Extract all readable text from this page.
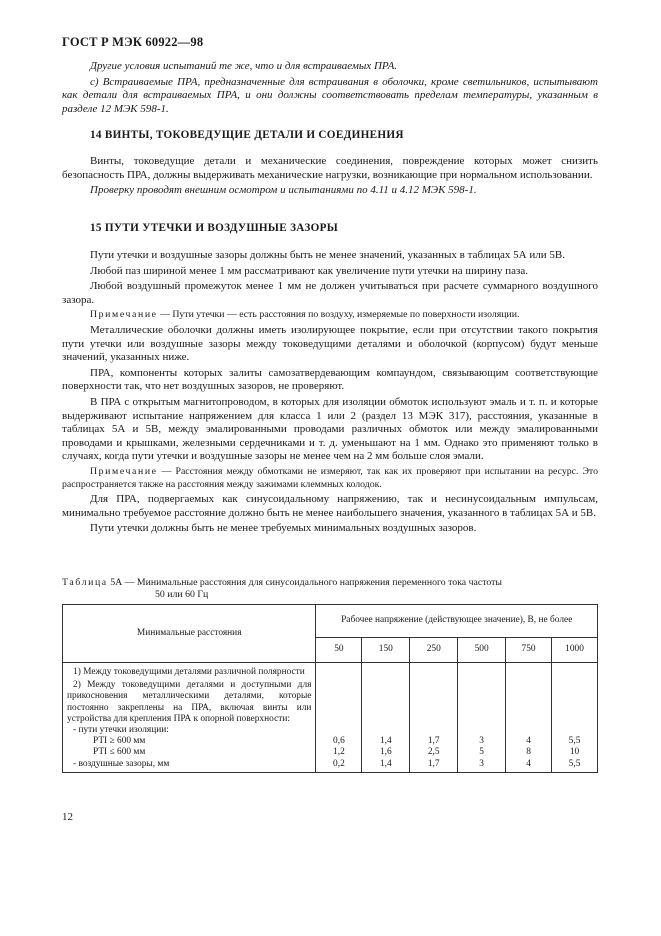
ГОСТ Р МЭК 60922—98

Другие условия испытаний те же, что и для встраиваемых ПРА.

с) Встраиваемые ПРА, предназначенные для встраивания в оболочки, кроме светильников, испытывают как детали для встраиваемых ПРА, и они должны соответствовать пределам температуры, указанным в разделе 12 МЭК 598-1.

14 ВИНТЫ, ТОКОВЕДУЩИЕ ДЕТАЛИ И СОЕДИНЕНИЯ

Винты, токоведущие детали и механические соединения, повреждение которых может снизить безопасность ПРА, должны выдерживать механические нагрузки, возникающие при нормальном использовании.

Проверку проводят внешним осмотром и испытаниями по 4.11 и 4.12 МЭК 598-1.

15 ПУТИ УТЕЧКИ И ВОЗДУШНЫЕ ЗАЗОРЫ

Пути утечки и воздушные зазоры должны быть не менее значений, указанных в таблицах 5А или 5В.

Любой паз шириной менее 1 мм рассматривают как увеличение пути утечки на ширину паза.

Любой воздушный промежуток менее 1 мм не должен учитываться при расчете суммарного воздушного зазора.

Примечание — Пути утечки — есть расстояния по воздуху, измеряемые по поверхности изоляции.

Металлические оболочки должны иметь изолирующее покрытие, если при отсутствии такого покрытия пути утечки или воздушные зазоры между токоведущими деталями и оболочкой (корпусом) будут меньше значений, указанных ниже.

ПРА, компоненты которых залиты самозатвердевающим компаундом, связывающим соответствующие поверхности так, что нет воздушных зазоров, не проверяют.

В ПРА с открытым магнитопроводом, в которых для изоляции обмоток используют эмаль и т. п. и которые выдерживают испытание напряжением для класса 1 или 2 (раздел 13 МЭК 317), расстояния, указанные в таблицах 5А и 5В, между эмалированными проводами различных обмоток или между эмалированными проводами и крышками, железными сердечниками и т. д. уменьшают на 1 мм. Однако это применяют только в случаях, когда пути утечки и воздушные зазоры не менее чем на 2 мм больше слоя эмали.

Примечание — Расстояния между обмотками не измеряют, так как их проверяют при испытании на ресурс. Это распространяется также на расстояния между зажимами клеммных колодок.

Для ПРА, подвергаемых как синусоидальному напряжению, так и несинусоидальным импульсам, минимально требуемое расстояние должно быть не менее наибольшего значения, указанного в таблицах 5А и 5В.

Пути утечки должны быть не менее требуемых минимальных воздушных зазоров.

Таблица 5А — Минимальные расстояния для синусоидального напряжения переменного тока частоты
50 или 60 Гц
Минимальные расстояния	Рабочее напряжение (действующее значение), В, не более					
	50	150	250	500	750	1000
1) Между токоведущими деталями различной полярности						
2) Между токоведущими деталями и доступными для прикосновения металлическими деталями, которые постоянно закреплены на ПРА, включая винты или устройства для крепления ПРА к опорной поверхности:						
- пути утечки изоляции:						
РТI ≥ 600 мм	0,6	1,4	1,7	3	4	5,5
РТI ≤ 600 мм	1,2	1,6	2,5	5	8	10
- воздушные зазоры, мм	0,2	1,4	1,7	3	4	5,5
12
